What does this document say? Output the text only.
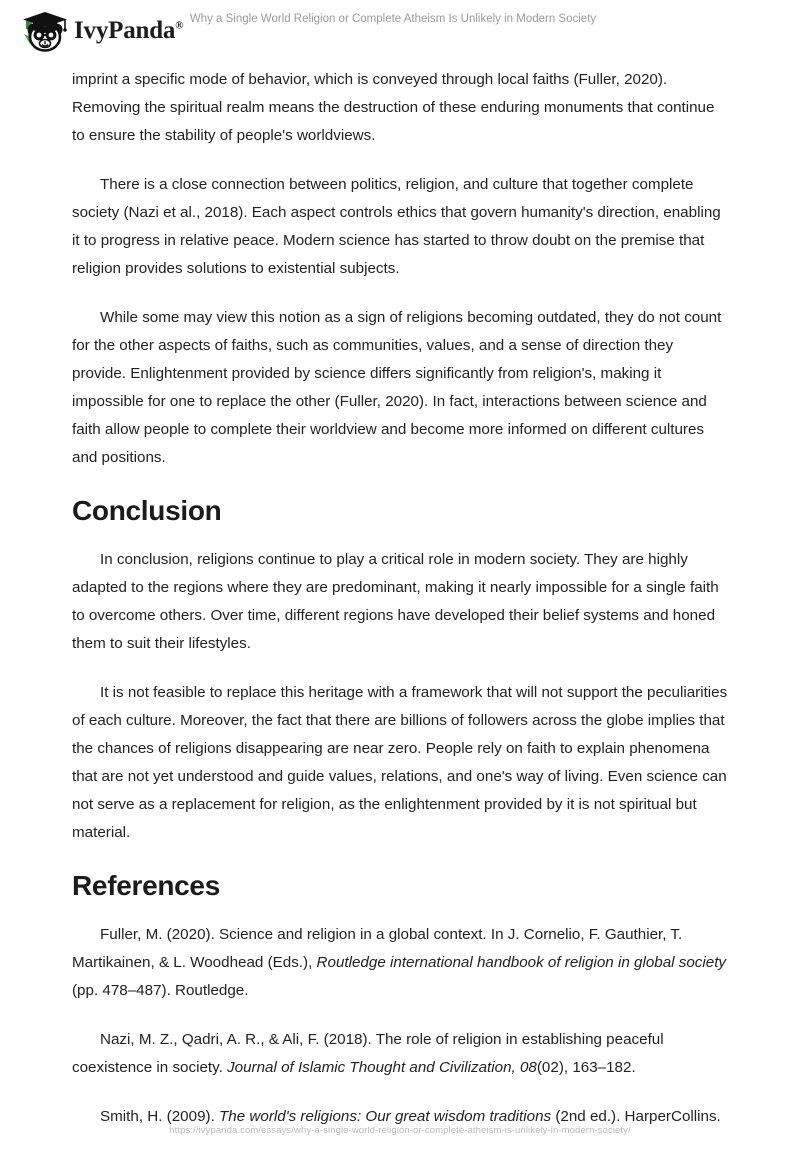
IvyPanda®
Why a Single World Religion or Complete Atheism Is Unlikely in Modern Society

imprint a specific mode of behavior, which is conveyed through local faiths (Fuller, 2020). Removing the spiritual realm means the destruction of these enduring monuments that continue to ensure the stability of people's worldviews.

There is a close connection between politics, religion, and culture that together complete society (Nazi et al., 2018). Each aspect controls ethics that govern humanity's direction, enabling it to progress in relative peace. Modern science has started to throw doubt on the premise that religion provides solutions to existential subjects.

While some may view this notion as a sign of religions becoming outdated, they do not count for the other aspects of faiths, such as communities, values, and a sense of direction they provide. Enlightenment provided by science differs significantly from religion's, making it impossible for one to replace the other (Fuller, 2020). In fact, interactions between science and faith allow people to complete their worldview and become more informed on different cultures and positions.

Conclusion

In conclusion, religions continue to play a critical role in modern society. They are highly adapted to the regions where they are predominant, making it nearly impossible for a single faith to overcome others. Over time, different regions have developed their belief systems and honed them to suit their lifestyles.

It is not feasible to replace this heritage with a framework that will not support the peculiarities of each culture. Moreover, the fact that there are billions of followers across the globe implies that the chances of religions disappearing are near zero. People rely on faith to explain phenomena that are not yet understood and guide values, relations, and one's way of living. Even science can not serve as a replacement for religion, as the enlightenment provided by it is not spiritual but material.

References
Fuller, M. (2020). Science and religion in a global context. In J. Cornelio, F. Gauthier, T. Martikainen, & L. Woodhead (Eds.), Routledge international handbook of religion in global society (pp. 478–487). Routledge.
Nazi, M. Z., Qadri, A. R., & Ali, F. (2018). The role of religion in establishing peaceful coexistence in society. Journal of Islamic Thought and Civilization, 08(02), 163–182.
Smith, H. (2009). The world's religions: Our great wisdom traditions (2nd ed.). HarperCollins.
https://ivypanda.com/essays/why-a-single-world-religion-or-complete-atheism-is-unlikely-in-modern-society/
